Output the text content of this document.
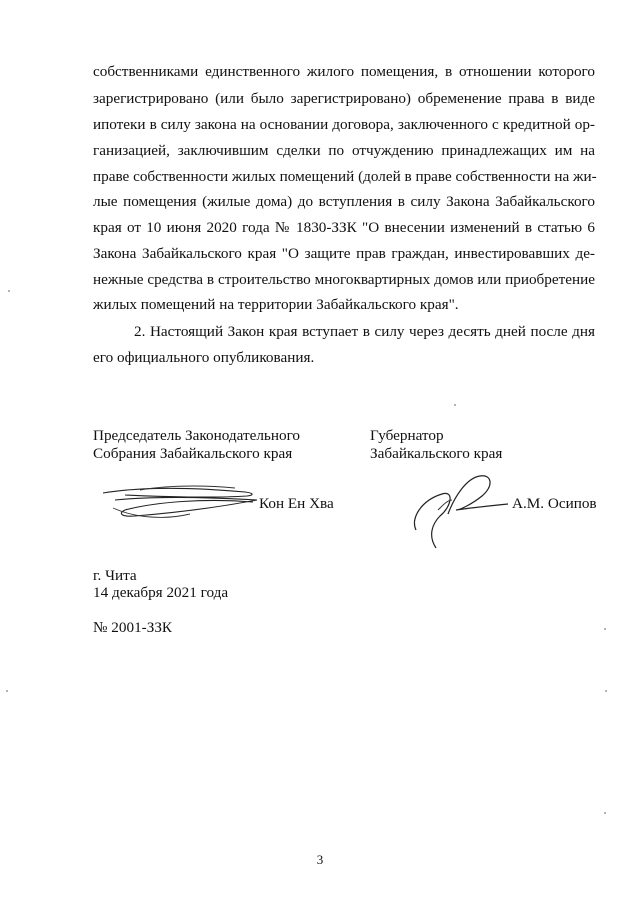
собственниками единственного жилого помещения, в отношении которого
зарегистрировано (или было зарегистрировано) обременение права в виде
ипотеки в силу закона на основании договора, заключенного с кредитной ор-
ганизацией, заключившим сделки по отчуждению принадлежащих им на
праве собственности жилых помещений (долей в праве собственности на жи-
лые помещения (жилые дома) до вступления в силу Закона Забайкальского
края от 10 июня 2020 года № 1830-ЗЗК "О внесении изменений в статью 6
Закона Забайкальского края "О защите прав граждан, инвестировавших де-
нежные средства в строительство многоквартирных домов или приобретение
жилых помещений на территории Забайкальского края".
2. Настоящий Закон края вступает в силу через десять дней после дня
его официального опубликования.
Председатель Законодательного
Собрания Забайкальского края
Кон Ен Хва
Губернатор
Забайкальского края
А.М. Осипов
г. Чита
14 декабря 2021 года
№ 2001-ЗЗК
3
